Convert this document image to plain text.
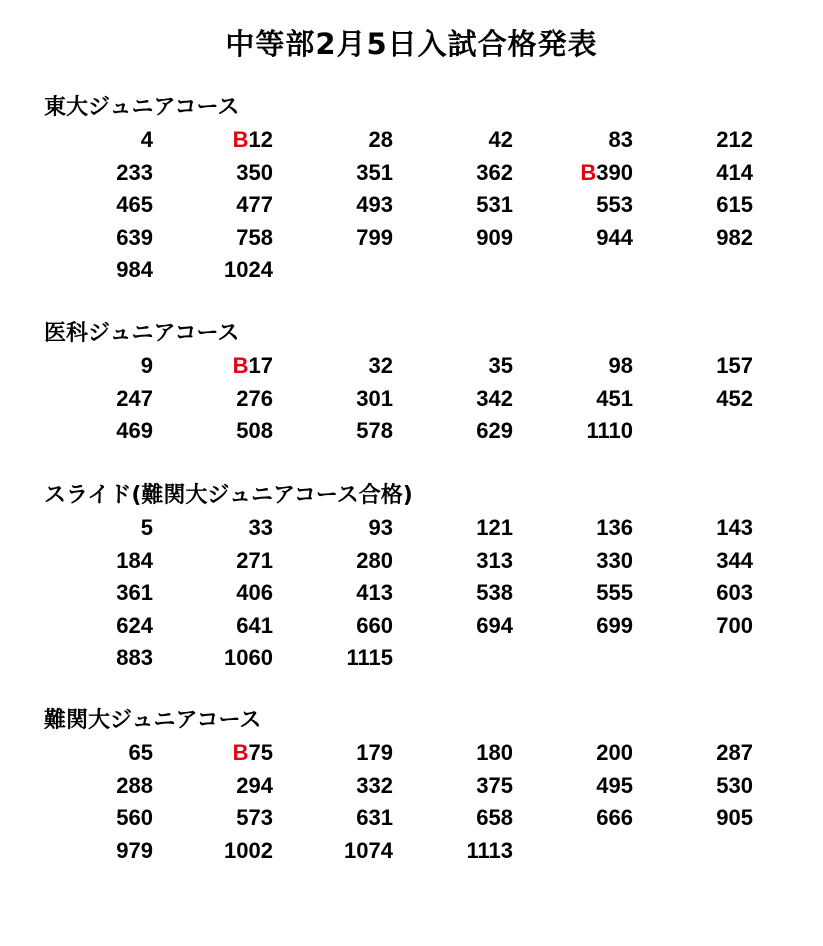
中等部2月5日入試合格発表
東大ジュニアコース
4	B12	28	42	83	212
233	350	351	362	B390	414
465	477	493	531	553	615
639	758	799	909	944	982
984	1024
医科ジュニアコース
9	B17	32	35	98	157
247	276	301	342	451	452
469	508	578	629	1110
スライド(難関大ジュニアコース合格)
5	33	93	121	136	143
184	271	280	313	330	344
361	406	413	538	555	603
624	641	660	694	699	700
883	1060	1115
難関大ジュニアコース
65	B75	179	180	200	287
288	294	332	375	495	530
560	573	631	658	666	905
979	1002	1074	1113
